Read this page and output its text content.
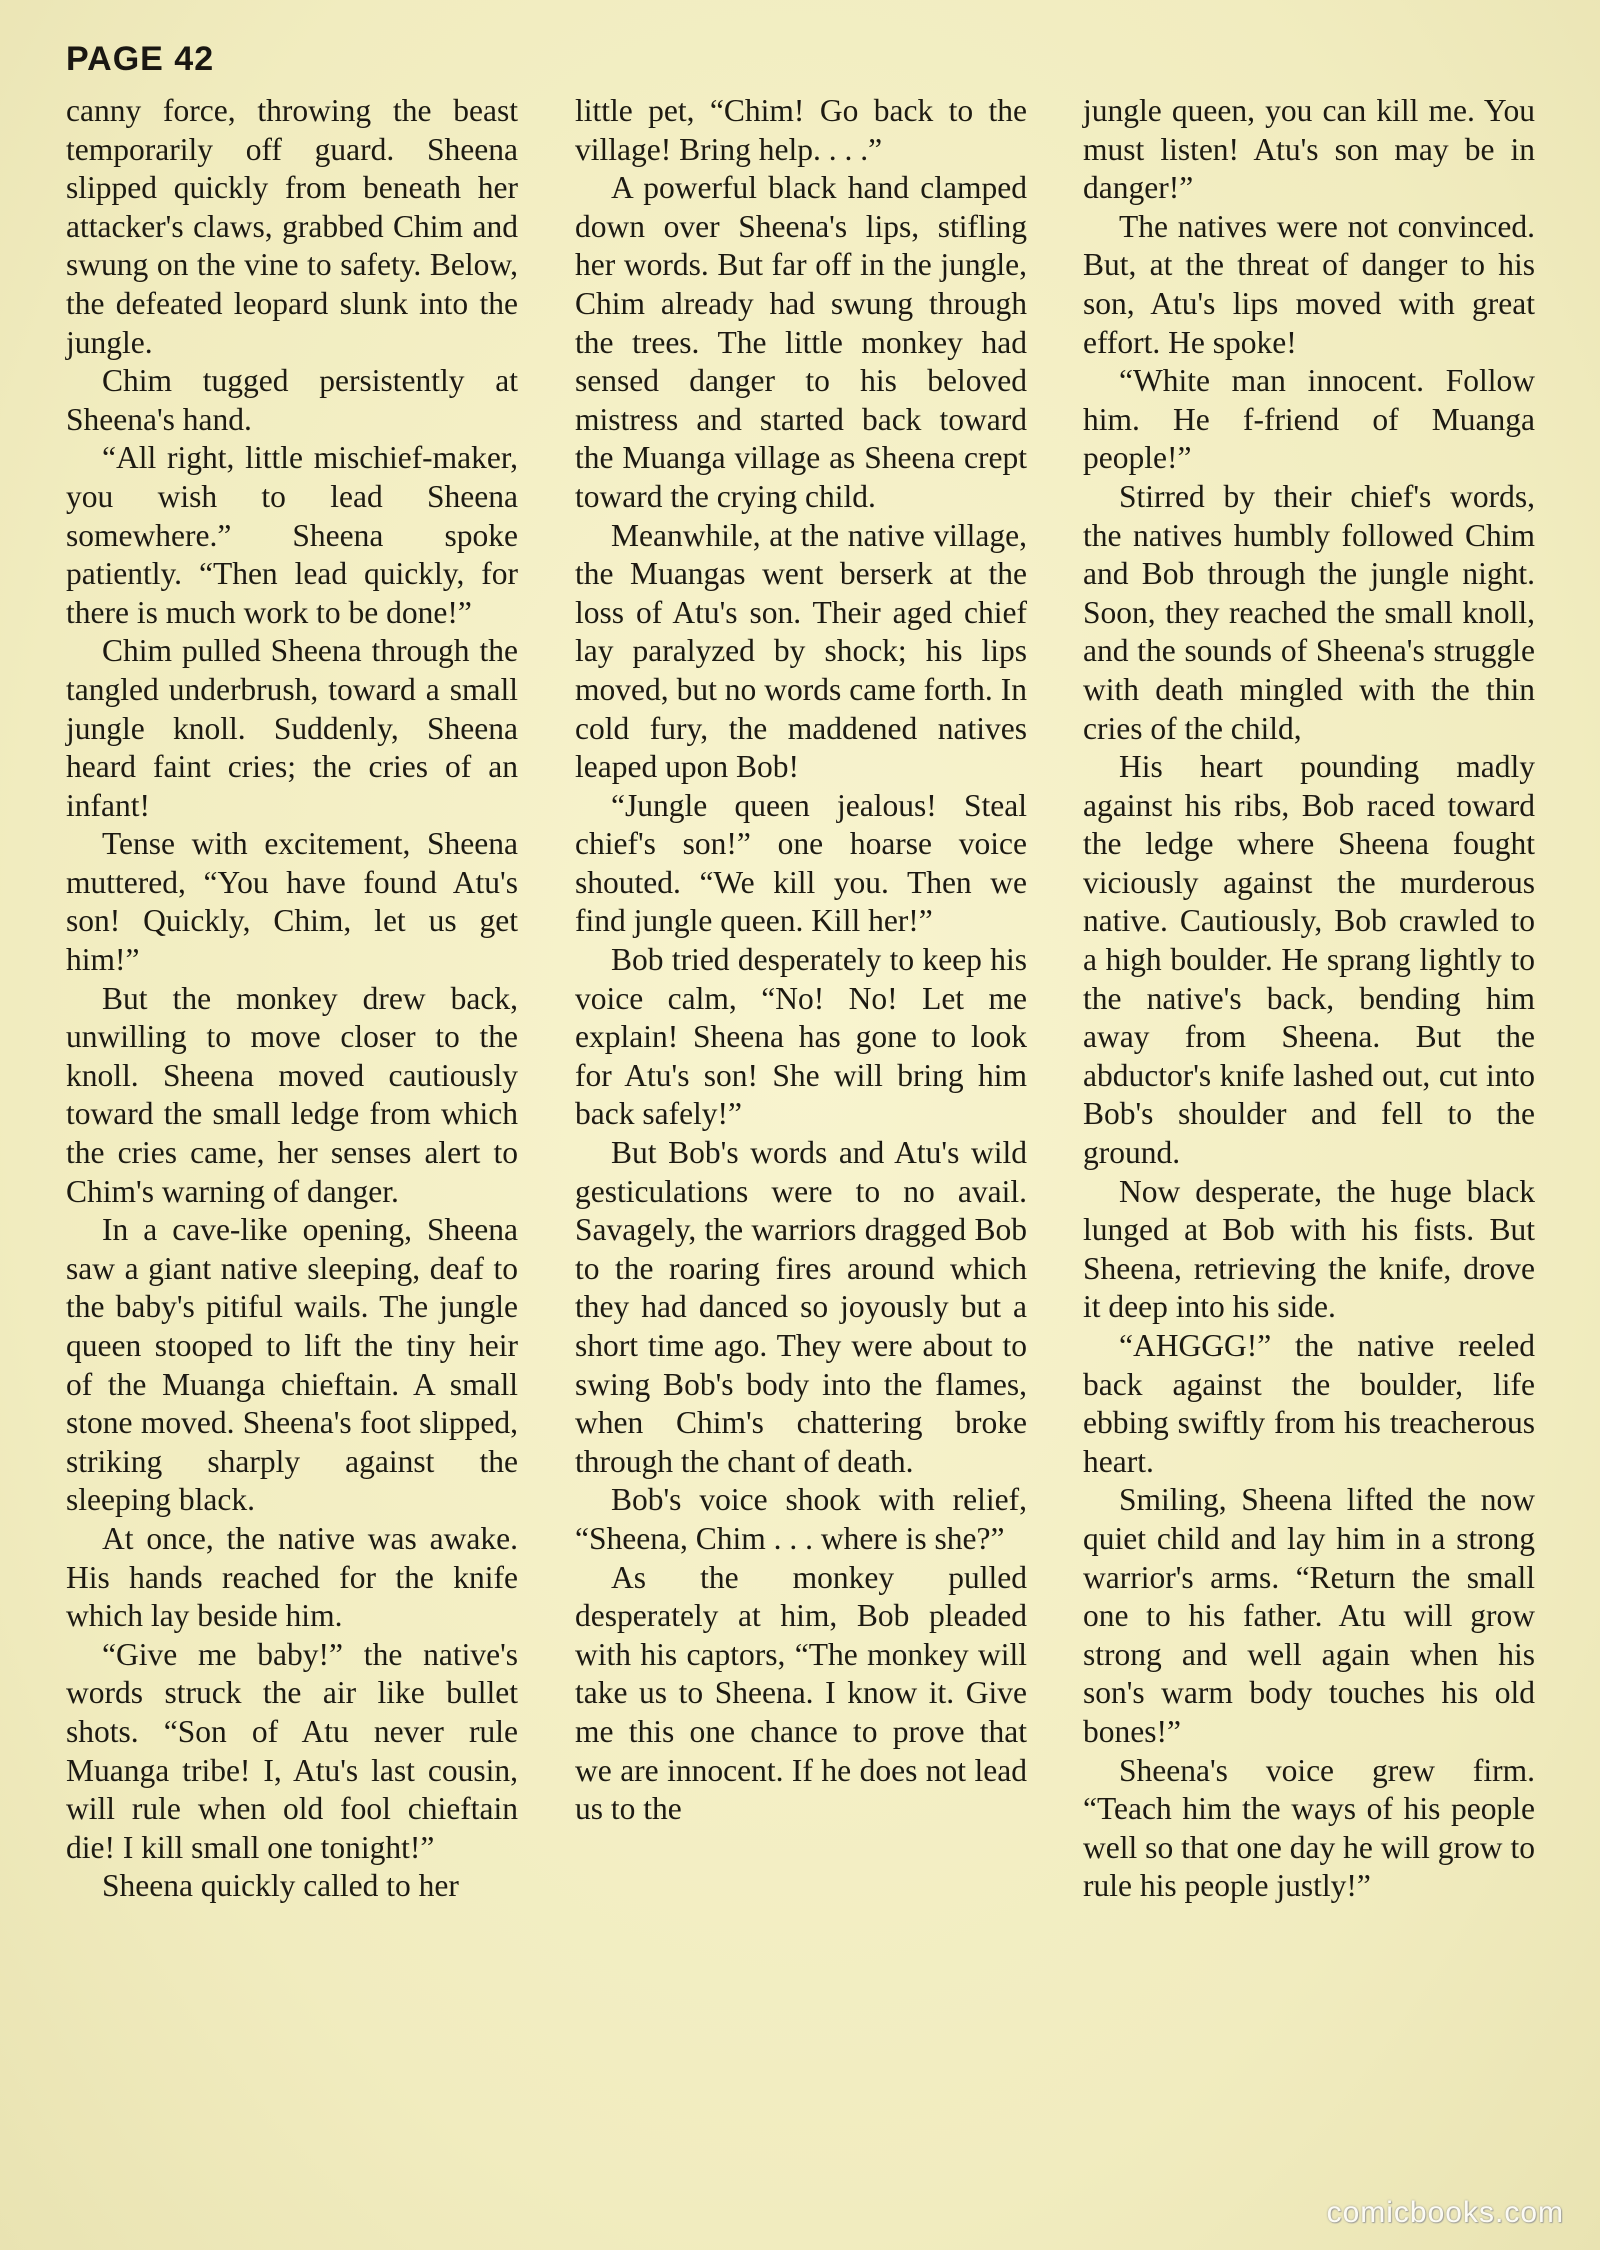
PAGE 42

canny force, throwing the beast temporarily off guard. Sheena slipped quickly from beneath her attacker's claws, grabbed Chim and swung on the vine to safety. Below, the defeated leopard slunk into the jungle.

Chim tugged persistently at Sheena's hand.

“All right, little mischief-maker, you wish to lead Sheena somewhere.” Sheena spoke patiently. “Then lead quickly, for there is much work to be done!”

Chim pulled Sheena through the tangled underbrush, toward a small jungle knoll. Suddenly, Sheena heard faint cries; the cries of an infant!

Tense with excitement, Sheena muttered, “You have found Atu's son! Quickly, Chim, let us get him!”

But the monkey drew back, unwilling to move closer to the knoll. Sheena moved cautiously toward the small ledge from which the cries came, her senses alert to Chim's warning of danger.

In a cave-like opening, Sheena saw a giant native sleeping, deaf to the baby's pitiful wails. The jungle queen stooped to lift the tiny heir of the Muanga chieftain. A small stone moved. Sheena's foot slipped, striking sharply against the sleeping black.

At once, the native was awake. His hands reached for the knife which lay beside him.

“Give me baby!” the native's words struck the air like bullet shots. “Son of Atu never rule Muanga tribe! I, Atu's last cousin, will rule when old fool chieftain die! I kill small one tonight!”

Sheena quickly called to her

little pet, “Chim! Go back to the village! Bring help. . . .”

A powerful black hand clamped down over Sheena's lips, stifling her words. But far off in the jungle, Chim already had swung through the trees. The little monkey had sensed danger to his beloved mistress and started back toward the Muanga village as Sheena crept toward the crying child.

Meanwhile, at the native village, the Muangas went berserk at the loss of Atu's son. Their aged chief lay paralyzed by shock; his lips moved, but no words came forth. In cold fury, the maddened natives leaped upon Bob!

“Jungle queen jealous! Steal chief's son!” one hoarse voice shouted. “We kill you. Then we find jungle queen. Kill her!”

Bob tried desperately to keep his voice calm, “No! No! Let me explain! Sheena has gone to look for Atu's son! She will bring him back safely!”

But Bob's words and Atu's wild gesticulations were to no avail. Savagely, the warriors dragged Bob to the roaring fires around which they had danced so joyously but a short time ago. They were about to swing Bob's body into the flames, when Chim's chattering broke through the chant of death.

Bob's voice shook with relief, “Sheena, Chim . . . where is she?”

As the monkey pulled desperately at him, Bob pleaded with his captors, “The monkey will take us to Sheena. I know it. Give me this one chance to prove that we are innocent. If he does not lead us to the

jungle queen, you can kill me. You must listen! Atu's son may be in danger!”

The natives were not convinced. But, at the threat of danger to his son, Atu's lips moved with great effort. He spoke!

“White man innocent. Follow him. He f-friend of Muanga people!”

Stirred by their chief's words, the natives humbly followed Chim and Bob through the jungle night. Soon, they reached the small knoll, and the sounds of Sheena's struggle with death mingled with the thin cries of the child,

His heart pounding madly against his ribs, Bob raced toward the ledge where Sheena fought viciously against the murderous native. Cautiously, Bob crawled to a high boulder. He sprang lightly to the native's back, bending him away from Sheena. But the abductor's knife lashed out, cut into Bob's shoulder and fell to the ground.

Now desperate, the huge black lunged at Bob with his fists. But Sheena, retrieving the knife, drove it deep into his side.

“AHGGG!” the native reeled back against the boulder, life ebbing swiftly from his treacherous heart.

Smiling, Sheena lifted the now quiet child and lay him in a strong warrior's arms. “Return the small one to his father. Atu will grow strong and well again when his son's warm body touches his old bones!”

Sheena's voice grew firm. “Teach him the ways of his people well so that one day he will grow to rule his people justly!”

comicbooks.com
